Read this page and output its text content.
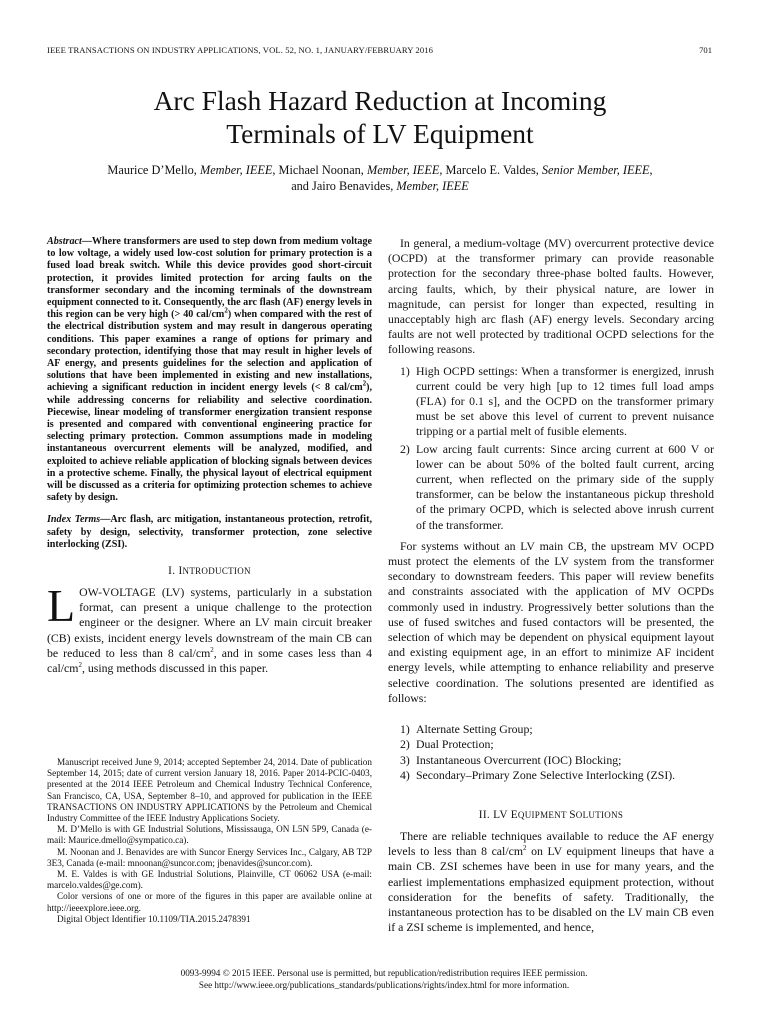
IEEE TRANSACTIONS ON INDUSTRY APPLICATIONS, VOL. 52, NO. 1, JANUARY/FEBRUARY 2016	701
Arc Flash Hazard Reduction at Incoming
Terminals of LV Equipment
Maurice D’Mello, Member, IEEE, Michael Noonan, Member, IEEE, Marcelo E. Valdes, Senior Member, IEEE,
and Jairo Benavides, Member, IEEE

Abstract—Where transformers are used to step down from medium voltage to low voltage, a widely used low-cost solution for primary protection is a fused load break switch. While this device provides good short-circuit protection, it provides limited protection for arcing faults on the transformer secondary and the incoming terminals of the downstream equipment connected to it. Consequently, the arc flash (AF) energy levels in this region can be very high (> 40 cal/$cm^2$) when compared with the rest of the electrical distribution system and may result in dangerous operating conditions. This paper examines a range of options for primary and secondary protection, identifying those that may result in higher levels of AF energy, and presents guidelines for the selection and application of solutions that have been implemented in existing and new installations, achieving a significant reduction in incident energy levels (< 8 cal/$cm^2$), while addressing concerns for reliability and selective coordination. Piecewise, linear modeling of transformer energization transient response is presented and compared with conventional engineering practice for selecting primary protection. Common assumptions made in modeling instantaneous overcurrent elements will be analyzed, modified, and exploited to achieve reliable application of blocking signals between devices in a protective scheme. Finally, the physical layout of electrical equipment will be discussed as a criteria for optimizing protection schemes to achieve safety by design.

Index Terms—Arc flash, arc mitigation, instantaneous protection, retrofit, safety by design, selectivity, transformer protection, zone selective interlocking (ZSI).

I. INTRODUCTION

LOW-VOLTAGE (LV) systems, particularly in a substation format, can present a unique challenge to the protection engineer or the designer. Where an LV main circuit breaker (CB) exists, incident energy levels downstream of the main CB can be reduced to less than 8 cal/$cm^2$, and in some cases less than 4 cal/$cm^2$, using methods discussed in this paper.

Manuscript received June 9, 2014; accepted September 24, 2014. Date of publication September 14, 2015; date of current version January 18, 2016. Paper 2014-PCIC-0403, presented at the 2014 IEEE Petroleum and Chemical Industry Technical Conference, San Francisco, CA, USA, September 8–10, and approved for publication in the IEEE TRANSACTIONS ON INDUSTRY APPLICATIONS by the Petroleum and Chemical Industry Committee of the IEEE Industry Applications Society.

M. D’Mello is with GE Industrial Solutions, Mississauga, ON L5N 5P9, Canada (e-mail: Maurice.dmello@sympatico.ca).

M. Noonan and J. Benavides are with Suncor Energy Services Inc., Calgary, AB T2P 3E3, Canada (e-mail: mnoonan@suncor.com; jbenavides@suncor.com).

M. E. Valdes is with GE Industrial Solutions, Plainville, CT 06062 USA (e-mail: marcelo.valdes@ge.com).

Color versions of one or more of the figures in this paper are available online at http://ieeexplore.ieee.org.

Digital Object Identifier 10.1109/TIA.2015.2478391

In general, a medium-voltage (MV) overcurrent protective device (OCPD) at the transformer primary can provide reasonable protection for the secondary three-phase bolted faults. However, arcing faults, which, by their physical nature, are lower in magnitude, can persist for longer than expected, resulting in unacceptably high arc flash (AF) energy levels. Secondary arcing faults are not well protected by traditional OCPD selections for the following reasons.

1) High OCPD settings: When a transformer is energized, inrush current could be very high [up to 12 times full load amps (FLA) for 0.1 s], and the OCPD on the transformer primary must be set above this level of current to prevent nuisance tripping or a partial melt of fusible elements.
2) Low arcing fault currents: Since arcing current at 600 V or lower can be about 50% of the bolted fault current, arcing current, when reflected on the primary side of the supply transformer, can be below the instantaneous pickup threshold of the primary OCPD, which is selected above inrush current of the transformer.

For systems without an LV main CB, the upstream MV OCPD must protect the elements of the LV system from the transformer secondary to downstream feeders. This paper will review benefits and constraints associated with the application of MV OCPDs commonly used in industry. Progressively better solutions than the use of fused switches and fused contactors will be presented, the selection of which may be dependent on physical equipment layout and existing equipment age, in an effort to minimize AF incident energy levels, while attempting to enhance reliability and preserve selective coordination. The solutions presented are identified as follows:

1) Alternate Setting Group;
2) Dual Protection;
3) Instantaneous Overcurrent (IOC) Blocking;
4) Secondary–Primary Zone Selective Interlocking (ZSI).
II. LV EQUIPMENT SOLUTIONS

There are reliable techniques available to reduce the AF energy levels to less than 8 cal/$cm^2$ on LV equipment lineups that have a main CB. ZSI schemes have been in use for many years, and the earliest implementations emphasized equipment protection, without consideration for the benefits of safety. Traditionally, the instantaneous protection has to be disabled on the LV main CB even if a ZSI scheme is implemented, and hence,

0093-9994 © 2015 IEEE. Personal use is permitted, but republication/redistribution requires IEEE permission.
See http://www.ieee.org/publications_standards/publications/rights/index.html for more information.
